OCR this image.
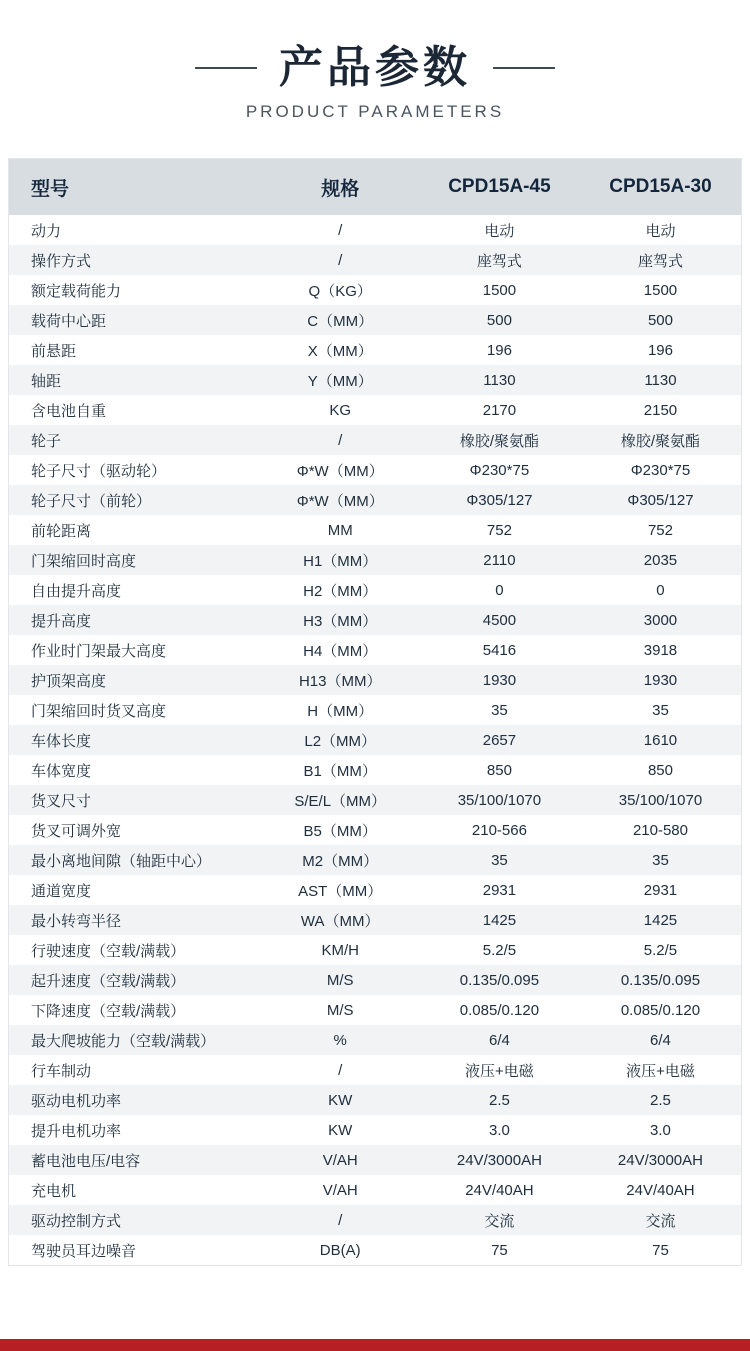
产品参数
PRODUCT PARAMETERS
型号	规格	CPD15A-45	CPD15A-30
动力	/	电动	电动
操作方式	/	座驾式	座驾式
额定载荷能力	Q（KG）	1500	1500
载荷中心距	C（MM）	500	500
前悬距	X（MM）	196	196
轴距	Y（MM）	1130	1130
含电池自重	KG	2170	2150
轮子	/	橡胶/聚氨酯	橡胶/聚氨酯
轮子尺寸（驱动轮）	Φ*W（MM）	Φ230*75	Φ230*75
轮子尺寸（前轮）	Φ*W（MM）	Φ305/127	Φ305/127
前轮距离	MM	752	752
门架缩回时高度	H1（MM）	2110	2035
自由提升高度	H2（MM）	0	0
提升高度	H3（MM）	4500	3000
作业时门架最大高度	H4（MM）	5416	3918
护顶架高度	H13（MM）	1930	1930
门架缩回时货叉高度	H（MM）	35	35
车体长度	L2（MM）	2657	1610
车体宽度	B1（MM）	850	850
货叉尺寸	S/E/L（MM）	35/100/1070	35/100/1070
货叉可调外宽	B5（MM）	210-566	210-580
最小离地间隙（轴距中心）	M2（MM）	35	35
通道宽度	AST（MM）	2931	2931
最小转弯半径	WA（MM）	1425	1425
行驶速度（空载/满载）	KM/H	5.2/5	5.2/5
起升速度（空载/满载）	M/S	0.135/0.095	0.135/0.095
下降速度（空载/满载）	M/S	0.085/0.120	0.085/0.120
最大爬坡能力（空载/满载）	%	6/4	6/4
行车制动	/	液压+电磁	液压+电磁
驱动电机功率	KW	2.5	2.5
提升电机功率	KW	3.0	3.0
蓄电池电压/电容	V/AH	24V/3000AH	24V/3000AH
充电机	V/AH	24V/40AH	24V/40AH
驱动控制方式	/	交流	交流
驾驶员耳边噪音	DB(A)	75	75
